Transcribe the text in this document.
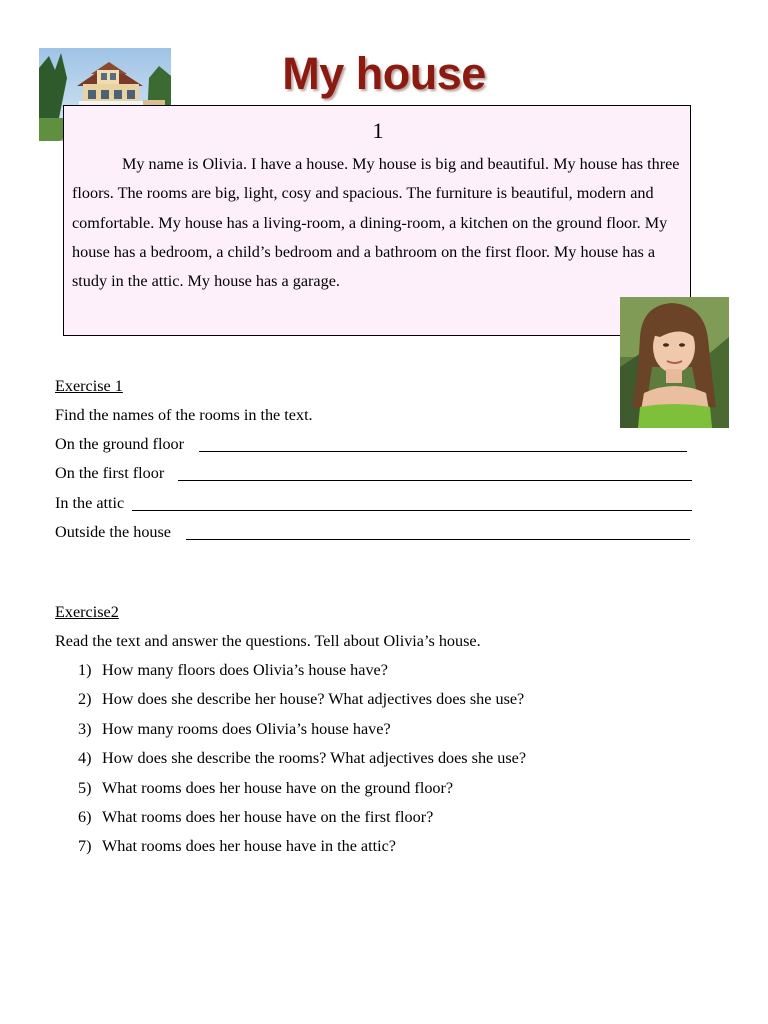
My house
1

My name is Olivia. I have a house. My house is big and beautiful. My house has three floors. The rooms are big, light, cosy and spacious. The furniture is beautiful, modern and comfortable. My house has a living-room, a dining-room, a kitchen on the ground floor. My house has a bedroom, a child’s bedroom and a bathroom on the first floor. My house has a study in the attic. My house has a garage.

Exercise 1
Find the names of the rooms in the text.
On the ground floor
On the first floor
In the attic
Outside the house
Exercise2
Read the text and answer the questions. Tell about Olivia’s house.
1) How many floors does Olivia’s house have?
2) How does she describe her house? What adjectives does she use?
3) How many rooms does Olivia’s house have?
4) How does she describe the rooms? What adjectives does she use?
5) What rooms does her house have on the ground floor?
6) What rooms does her house have on the first floor?
7) What rooms does her house have in the attic?
